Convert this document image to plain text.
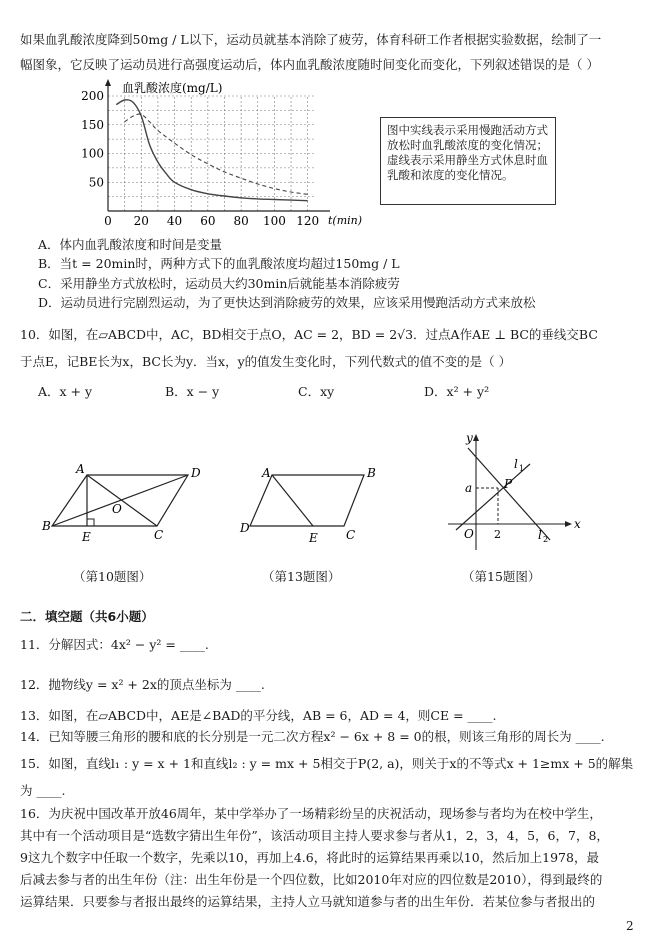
如果血乳酸浓度降到50mg / L以下，运动员就基本消除了疲劳，体育科研工作者根据实验数据，绘制了一
幅图象，它反映了运动员进行高强度运动后，体内血乳酸浓度随时间变化而变化，下列叙述错误的是（ ）
50
100
150
200
0 20 40 60 80 100 120
血乳酸浓度(mg/L)
t(min)
图中实线表示采用慢跑活动方式放松时血乳酸浓度的变化情况；虚线表示采用静坐方式休息时血乳酸和浓度的变化情况。
A．体内血乳酸浓度和时间是变量
B．当t = 20min时，两种方式下的血乳酸浓度均超过150mg / L
C．采用静坐方式放松时，运动员大约30min后就能基本消除疲劳
D．运动员进行完剧烈运动，为了更快达到消除疲劳的效果，应该采用慢跑活动方式来放松
10．如图，在▱ABCD中，AC，BD相交于点O，AC = 2，BD = 2√3．过点A作AE ⊥ BC的垂线交BC
于点E，记BE长为x，BC长为y．当x，y的值发生变化时，下列代数式的值不变的是（ ）
A．x + y	B．x − y	C．xy	D．x² + y²
A	D
B
C
E
O
（第10题图）
A	B
D	C
E
（第13题图）
y
x
O
a
2
P
l 1
l 2
（第15题图）
二．填空题（共6小题）
11．分解因式：4x² − y² = ____.
12．抛物线y = x² + 2x的顶点坐标为 ____.
13．如图，在▱ABCD中，AE是∠BAD的平分线，AB = 6，AD = 4，则CE = ____.
14．已知等腰三角形的腰和底的长分别是一元二次方程x² − 6x + 8 = 0的根，则该三角形的周长为 ____.
15．如图，直线l₁ : y = x + 1和直线l₂ : y = mx + 5相交于P(2, a)，则关于x的不等式x + 1≥mx + 5的解集
为 ____.
16．为庆祝中国改革开放46周年，某中学举办了一场精彩纷呈的庆祝活动，现场参与者均为在校中学生，
其中有一个活动项目是“选数字猜出生年份”，该活动项目主持人要求参与者从1，2，3，4，5，6，7，8，
9这九个数字中任取一个数字，先乘以10，再加上4.6，将此时的运算结果再乘以10，然后加上1978，最
后减去参与者的出生年份（注：出生年份是一个四位数，比如2010年对应的四位数是2010），得到最终的
运算结果．只要参与者报出最终的运算结果，主持人立马就知道参与者的出生年份．若某位参与者报出的
2
